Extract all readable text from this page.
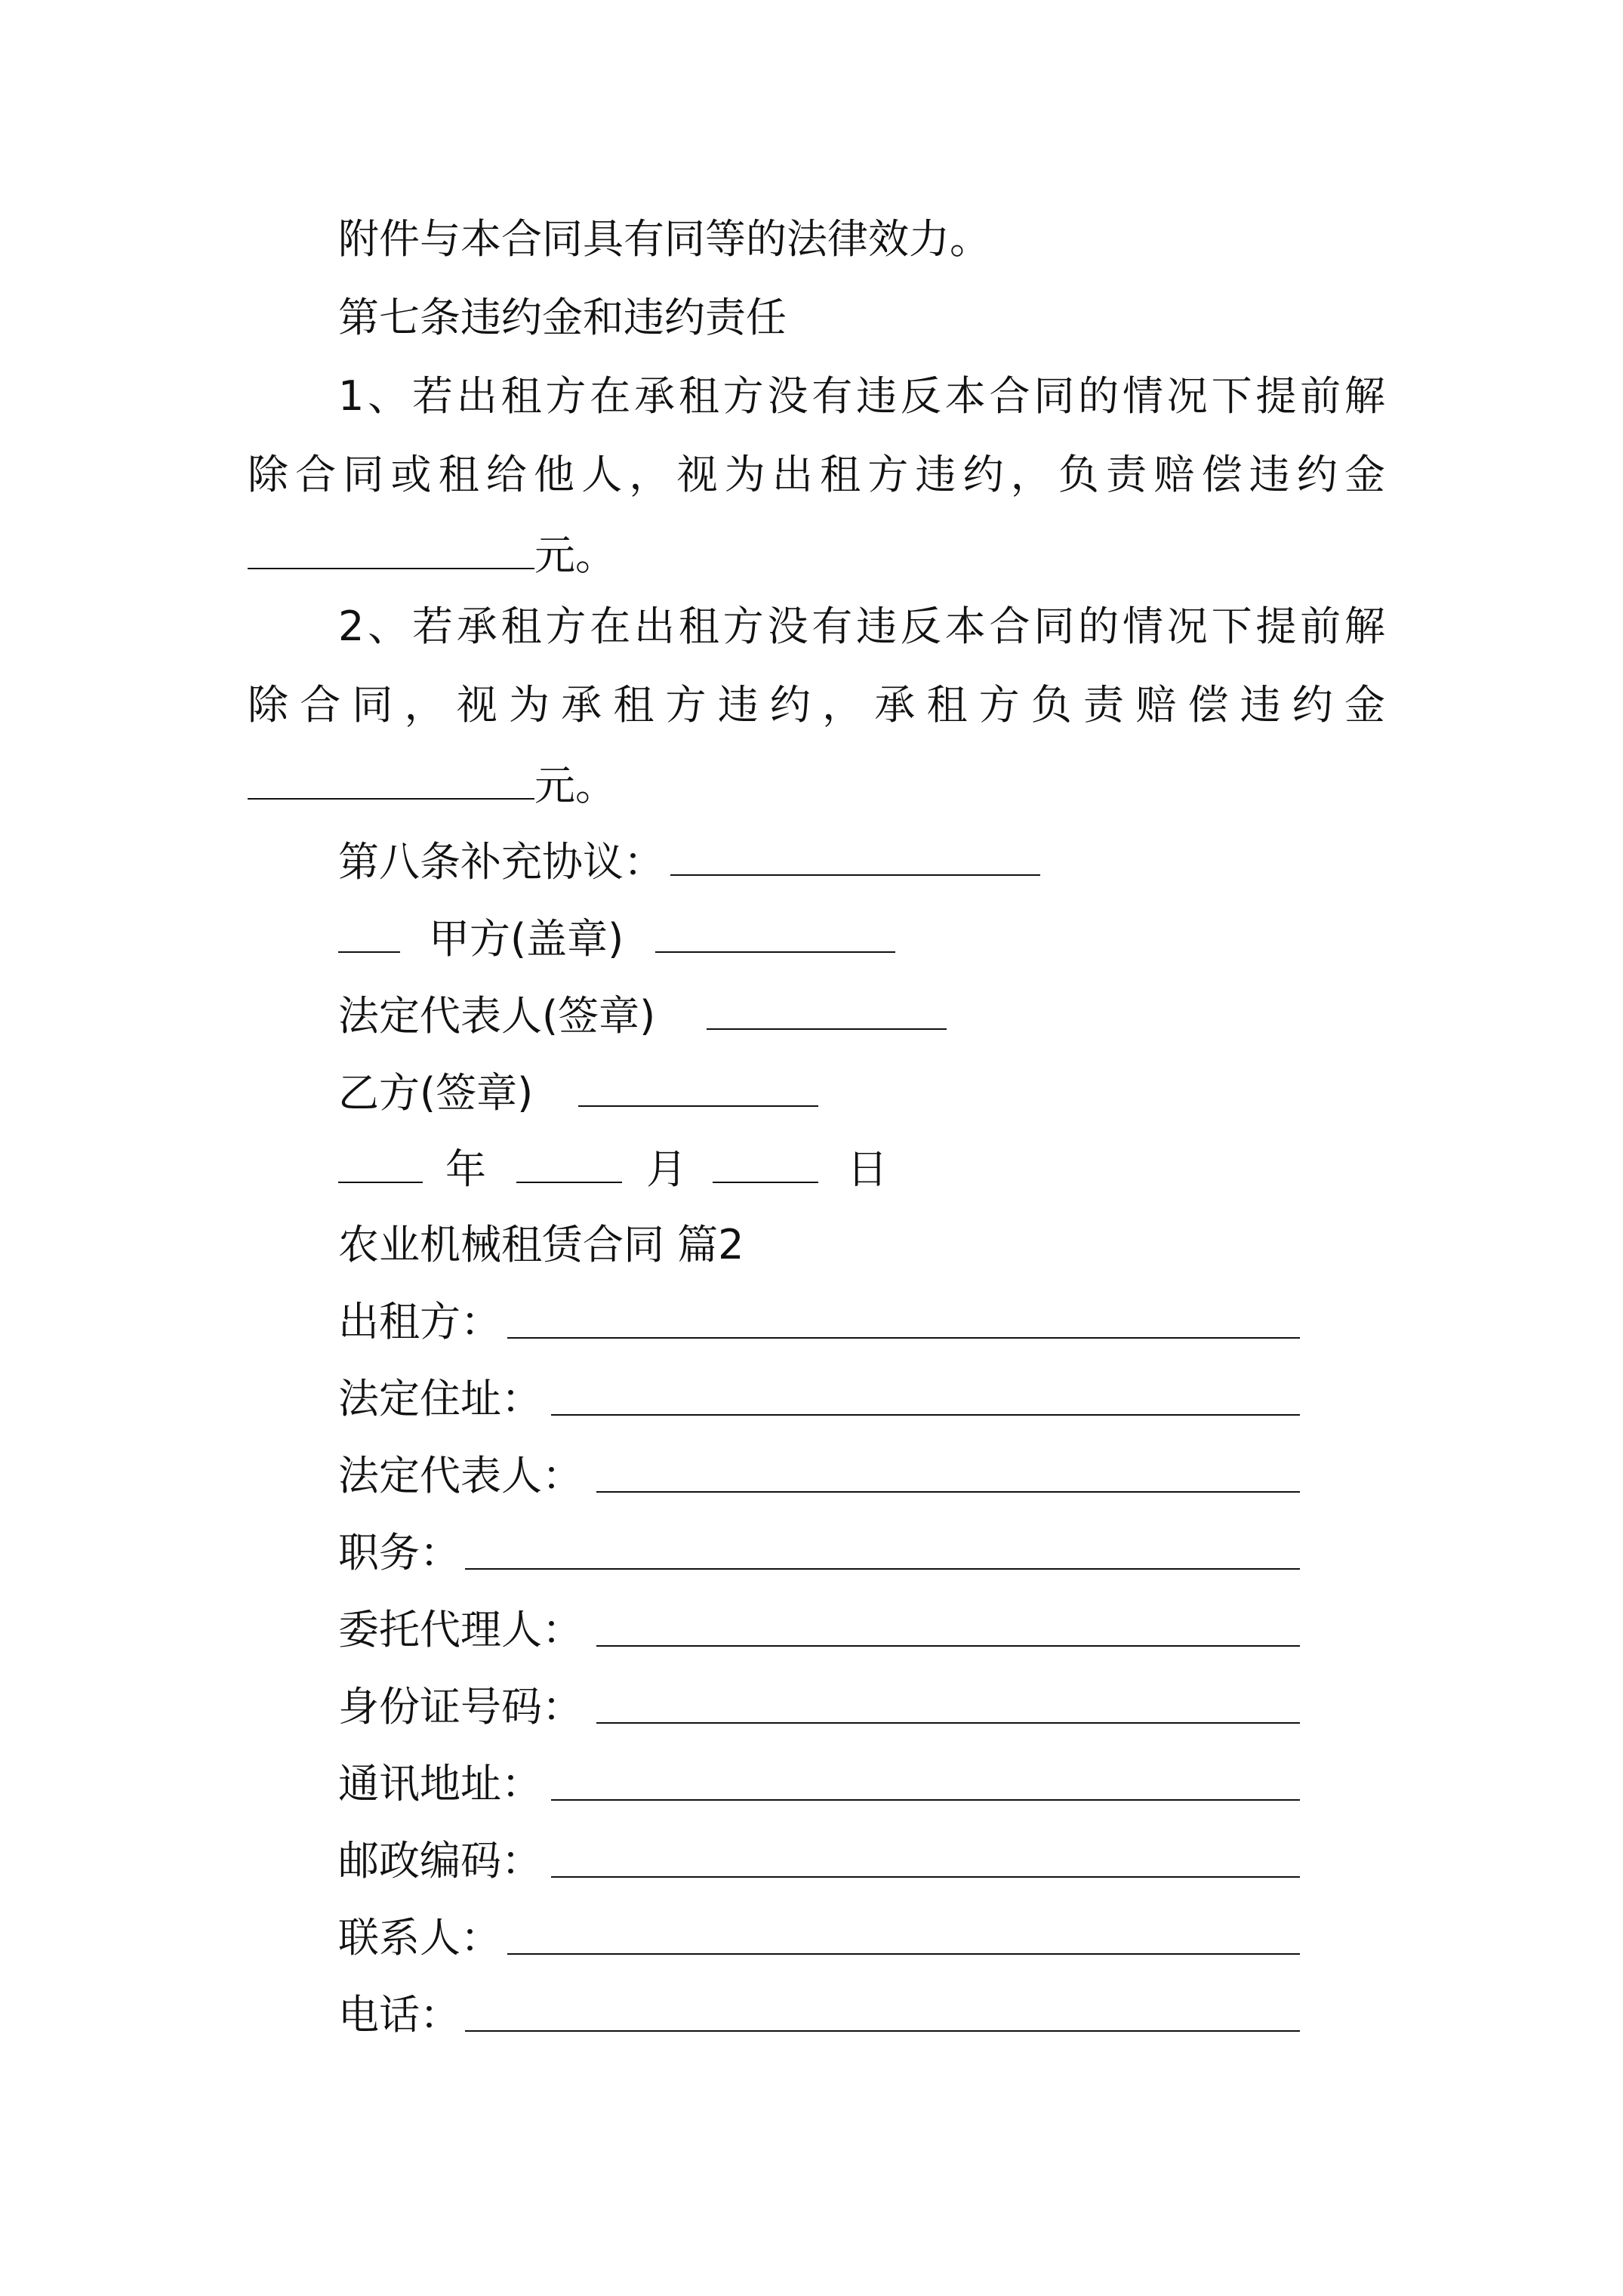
附件与本合同具有同等的法律效力。
第七条违约金和违约责任
1、若出租方在承租方没有违反本合同的情况下提前解
除合同或租给他人，视为出租方违约，负责赔偿违约金
元。
2、若承租方在出租方没有违反本合同的情况下提前解
除合同，视为承租方违约，承租方负责赔偿违约金
元。
第八条补充协议：
甲方(盖章)
法定代表人(签章)
乙方(签章)
年	月	日
农业机械租赁合同 篇2
出租方：
法定住址：
法定代表人：
职务：
委托代理人：
身份证号码：
通讯地址：
邮政编码：
联系人：
电话：
